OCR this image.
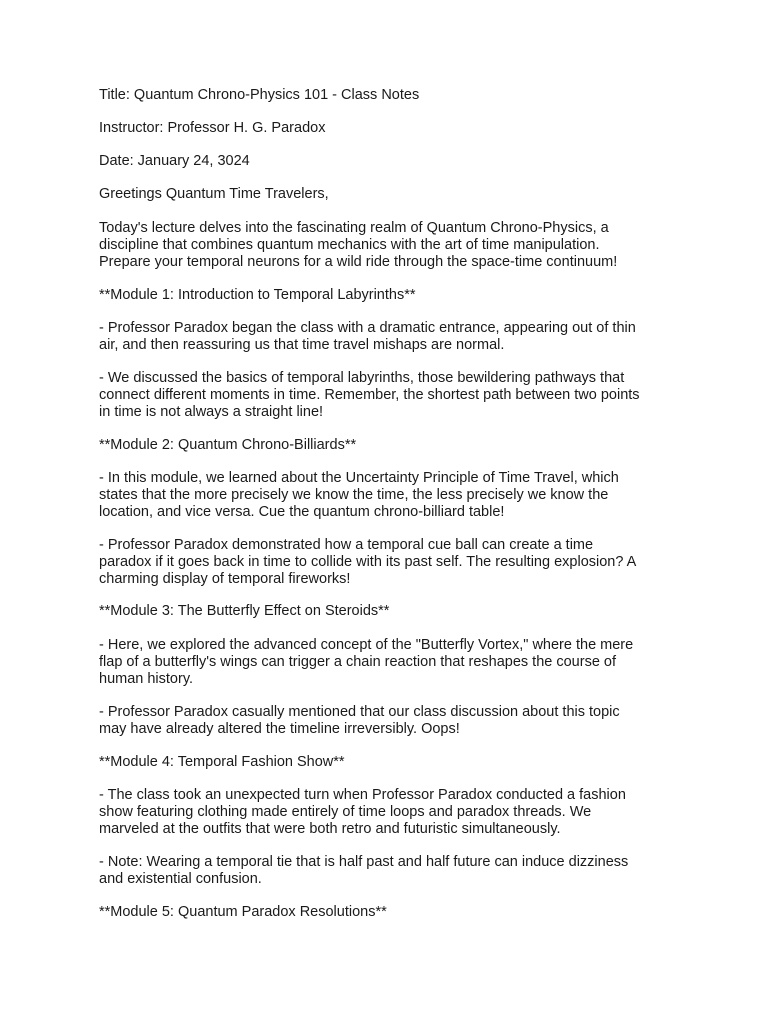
Title: Quantum Chrono-Physics 101 - Class Notes
Instructor: Professor H. G. Paradox
Date: January 24, 3024
Greetings Quantum Time Travelers,
Today's lecture delves into the fascinating realm of Quantum Chrono-Physics, a
discipline that combines quantum mechanics with the art of time manipulation.
Prepare your temporal neurons for a wild ride through the space-time continuum!
**Module 1: Introduction to Temporal Labyrinths**
- Professor Paradox began the class with a dramatic entrance, appearing out of thin
air, and then reassuring us that time travel mishaps are normal.
- We discussed the basics of temporal labyrinths, those bewildering pathways that
connect different moments in time. Remember, the shortest path between two points
in time is not always a straight line!
**Module 2: Quantum Chrono-Billiards**
- In this module, we learned about the Uncertainty Principle of Time Travel, which
states that the more precisely we know the time, the less precisely we know the
location, and vice versa. Cue the quantum chrono-billiard table!
- Professor Paradox demonstrated how a temporal cue ball can create a time
paradox if it goes back in time to collide with its past self. The resulting explosion? A
charming display of temporal fireworks!
**Module 3: The Butterfly Effect on Steroids**
- Here, we explored the advanced concept of the "Butterfly Vortex," where the mere
flap of a butterfly's wings can trigger a chain reaction that reshapes the course of
human history.
- Professor Paradox casually mentioned that our class discussion about this topic
may have already altered the timeline irreversibly. Oops!
**Module 4: Temporal Fashion Show**
- The class took an unexpected turn when Professor Paradox conducted a fashion
show featuring clothing made entirely of time loops and paradox threads. We
marveled at the outfits that were both retro and futuristic simultaneously.
- Note: Wearing a temporal tie that is half past and half future can induce dizziness
and existential confusion.
**Module 5: Quantum Paradox Resolutions**
